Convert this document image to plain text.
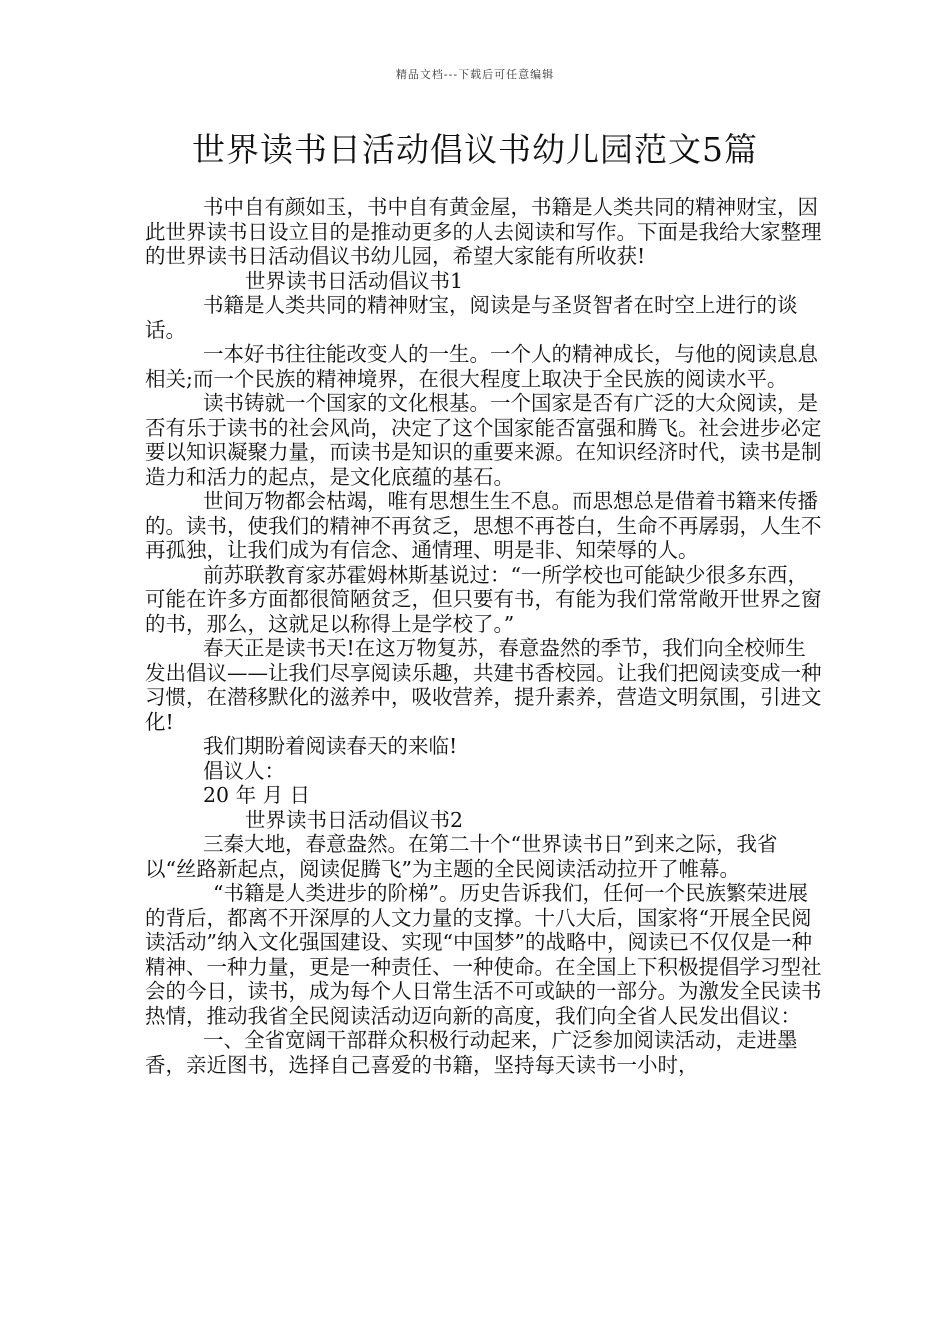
精品文档---下载后可任意编辑
世界读书日活动倡议书幼儿园范文5篇

书中自有颜如玉，书中自有黄金屋，书籍是人类共同的精神财宝，因此世界读书日设立目的是推动更多的人去阅读和写作。下面是我给大家整理的世界读书日活动倡议书幼儿园，希望大家能有所收获!

世界读书日活动倡议书1

书籍是人类共同的精神财宝，阅读是与圣贤智者在时空上进行的谈话。

一本好书往往能改变人的一生。一个人的精神成长，与他的阅读息息相关;而一个民族的精神境界，在很大程度上取决于全民族的阅读水平。

读书铸就一个国家的文化根基。一个国家是否有广泛的大众阅读，是否有乐于读书的社会风尚，决定了这个国家能否富强和腾飞。社会进步必定要以知识凝聚力量，而读书是知识的重要来源。在知识经济时代，读书是制造力和活力的起点，是文化底蕴的基石。

世间万物都会枯竭，唯有思想生生不息。而思想总是借着书籍来传播的。读书，使我们的精神不再贫乏，思想不再苍白，生命不再孱弱，人生不再孤独，让我们成为有信念、通情理、明是非、知荣辱的人。

前苏联教育家苏霍姆林斯基说过：“一所学校也可能缺少很多东西，可能在许多方面都很简陋贫乏，但只要有书，有能为我们常常敞开世界之窗的书，那么，这就足以称得上是学校了。”

春天正是读书天!在这万物复苏，春意盎然的季节，我们向全校师生发出倡议——让我们尽享阅读乐趣，共建书香校园。让我们把阅读变成一种习惯，在潜移默化的滋养中，吸收营养，提升素养，营造文明氛围，引进文化!

我们期盼着阅读春天的来临!

倡议人：

20 年 月 日

世界读书日活动倡议书2

三秦大地，春意盎然。在第二十个“世界读书日”到来之际，我省以“丝路新起点，阅读促腾飞”为主题的全民阅读活动拉开了帷幕。

“书籍是人类进步的阶梯”。历史告诉我们，任何一个民族繁荣进展的背后，都离不开深厚的人文力量的支撑。十八大后，国家将“开展全民阅读活动”纳入文化强国建设、实现“中国梦”的战略中，阅读已不仅仅是一种精神、一种力量，更是一种责任、一种使命。在全国上下积极提倡学习型社会的今日，读书，成为每个人日常生活不可或缺的一部分。为激发全民读书热情，推动我省全民阅读活动迈向新的高度，我们向全省人民发出倡议：

一、全省宽阔干部群众积极行动起来，广泛参加阅读活动，走进墨香，亲近图书，选择自己喜爱的书籍，坚持每天读书一小时，
